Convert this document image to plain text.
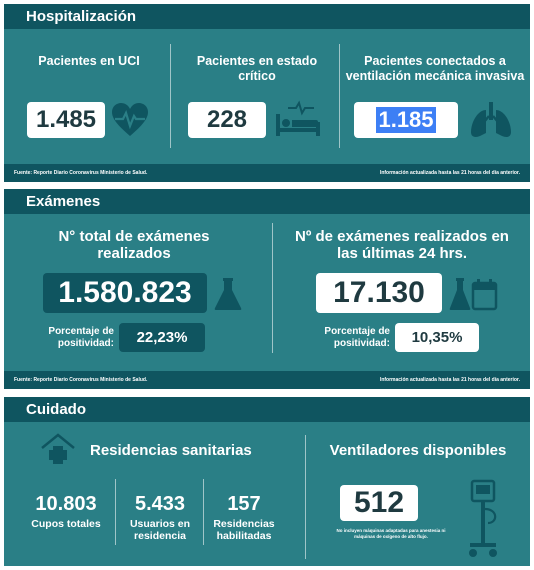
Hospitalización
Pacientes en UCI
1.485
Pacientes en estado crítico
228
Pacientes conectados a ventilación mecánica invasiva
1.185
Fuente: Reporte Diario Coronavirus Ministerio de Salud.	Información actualizada hasta las 21 horas del día anterior.
Exámenes
N° total de exámenes realizados
1.580.823
Porcentaje de positividad:	22,23%
Nº de exámenes realizados en las últimas 24 hrs.
17.130
Porcentaje de positividad:	10,35%
Fuente: Reporte Diario Coronavirus Ministerio de Salud.	Información actualizada hasta las 21 horas del día anterior.
Cuidado
Residencias sanitarias
10.803
Cupos totales
5.433
Usuarios en residencia
157
Residencias habilitadas
Ventiladores disponibles
512
No incluyen máquinas adaptadas para anestesia ni máquinas de oxígeno de alto flujo.
